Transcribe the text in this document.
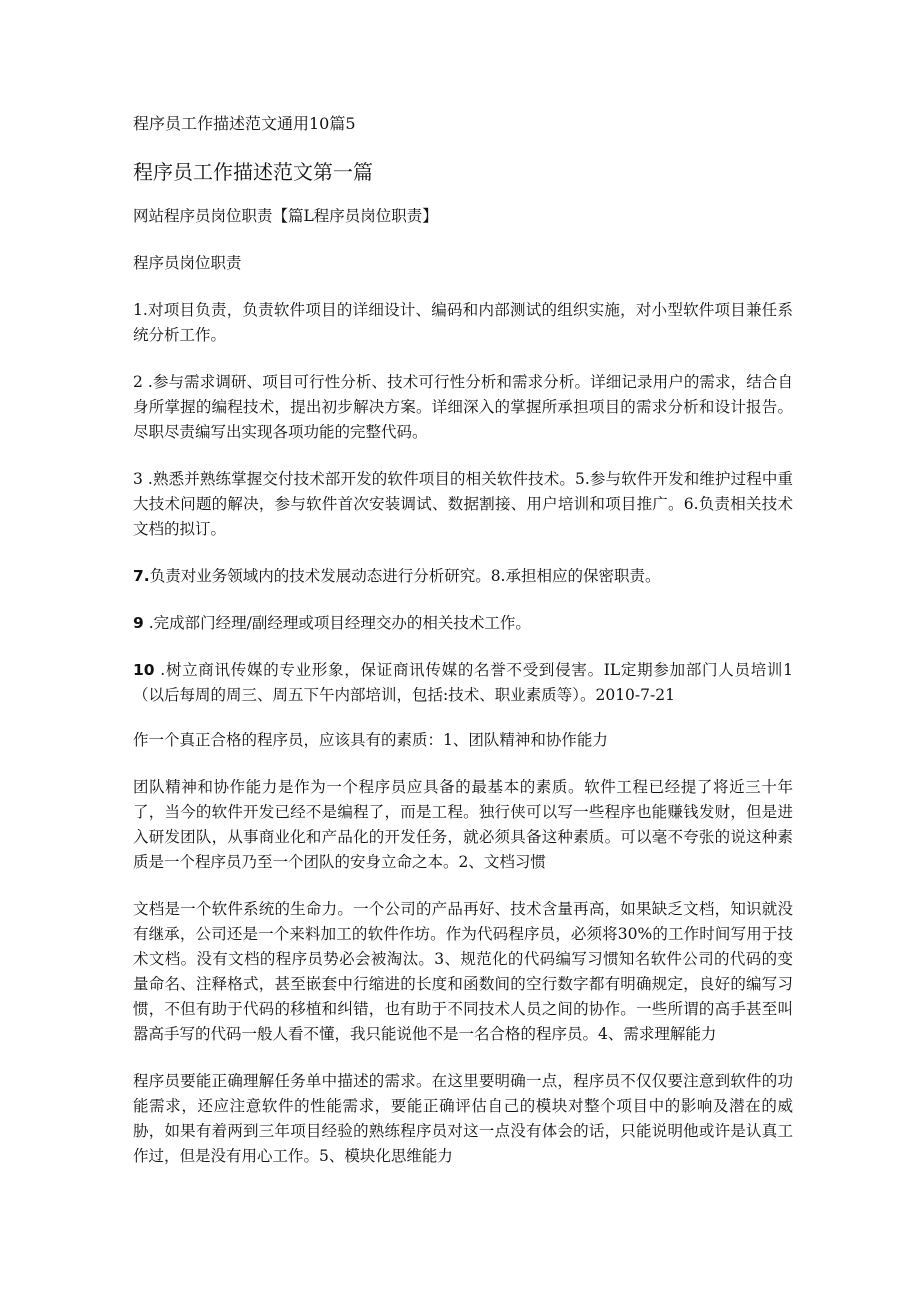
程序员工作描述范文通用10篇5
程序员工作描述范文第一篇
网站程序员岗位职责【篇L程序员岗位职责】
程序员岗位职责
1.对项目负责，负责软件项目的详细设计、编码和内部测试的组织实施，对小型软件项目兼任系统分析工作。
2 .参与需求调研、项目可行性分析、技术可行性分析和需求分析。详细记录用户的需求，结合自身所掌握的编程技术，提出初步解决方案。详细深入的掌握所承担项目的需求分析和设计报告。尽职尽责编写出实现各项功能的完整代码。
3 .熟悉并熟练掌握交付技术部开发的软件项目的相关软件技术。5.参与软件开发和维护过程中重大技术问题的解决，参与软件首次安装调试、数据割接、用户培训和项目推广。6.负责相关技术文档的拟订。
7.负责对业务领域内的技术发展动态进行分析研究。8.承担相应的保密职责。
9 .完成部门经理/副经理或项目经理交办的相关技术工作。
10 .树立商讯传媒的专业形象，保证商讯传媒的名誉不受到侵害。IL定期参加部门人员培训1（以后每周的周三、周五下午内部培训，包括:技术、职业素质等）。2010-7-21
作一个真正合格的程序员，应该具有的素质：1、团队精神和协作能力
团队精神和协作能力是作为一个程序员应具备的最基本的素质。软件工程已经提了将近三十年了，当今的软件开发已经不是编程了，而是工程。独行侠可以写一些程序也能赚钱发财，但是进入研发团队，从事商业化和产品化的开发任务，就必须具备这种素质。可以毫不夸张的说这种素质是一个程序员乃至一个团队的安身立命之本。2、文档习惯
文档是一个软件系统的生命力。一个公司的产品再好、技术含量再高，如果缺乏文档，知识就没有继承，公司还是一个来料加工的软件作坊。作为代码程序员，必须将30%的工作时间写用于技术文档。没有文档的程序员势必会被淘汰。3、规范化的代码编写习惯知名软件公司的代码的变量命名、注释格式，甚至嵌套中行缩进的长度和函数间的空行数字都有明确规定，良好的编写习惯，不但有助于代码的移植和纠错，也有助于不同技术人员之间的协作。一些所谓的高手甚至叫嚣高手写的代码一般人看不懂，我只能说他不是一名合格的程序员。4、需求理解能力
程序员要能正确理解任务单中描述的需求。在这里要明确一点，程序员不仅仅要注意到软件的功能需求，还应注意软件的性能需求，要能正确评估自己的模块对整个项目中的影响及潜在的威胁，如果有着两到三年项目经验的熟练程序员对这一点没有体会的话，只能说明他或许是认真工作过，但是没有用心工作。5、模块化思维能力
